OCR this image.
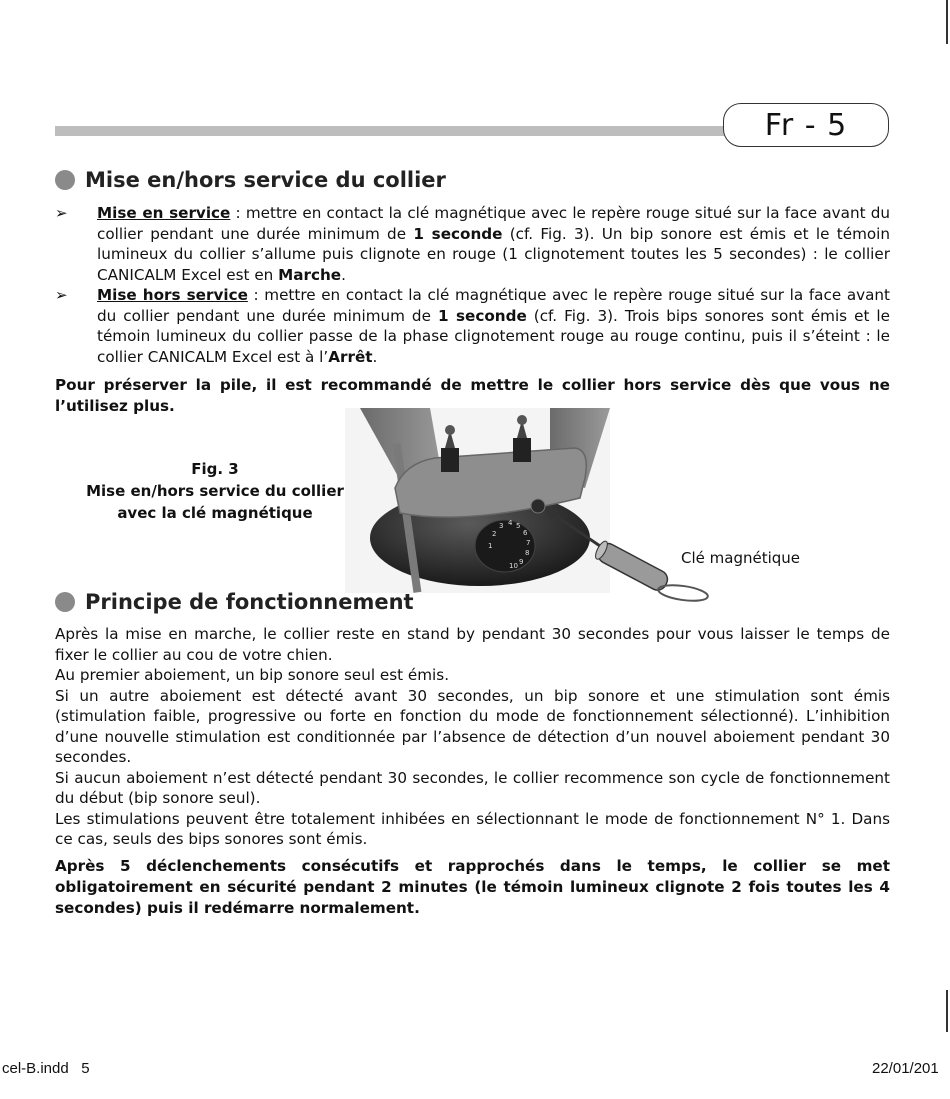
Fr - 5
Mise en/hors service du collier
➢ Mise en service : mettre en contact la clé magnétique avec le repère rouge situé sur la face avant du collier pendant une durée minimum de 1 seconde (cf. Fig. 3). Un bip sonore est émis et le témoin lumineux du collier s’allume puis clignote en rouge (1 clignotement toutes les 5 secondes) : le collier CANICALM Excel est en Marche.
➢ Mise hors service : mettre en contact la clé magnétique avec le repère rouge situé sur la face avant du collier pendant une durée minimum de 1 seconde (cf. Fig. 3). Trois bips sonores sont émis et le témoin lumineux du collier passe de la phase clignotement rouge au rouge continu, puis il s’éteint : le collier CANICALM Excel est à l’Arrêt.
Pour préserver la pile, il est recommandé de mettre le collier hors service dès que vous ne l’utilisez plus.
Fig. 3
Mise en/hors service du collier
avec la clé magnétique
1
2
3 4 5
6
7
8
9
10	Clé magnétique
Principe de fonctionnement
Après la mise en marche, le collier reste en stand by pendant 30 secondes pour vous laisser le temps de fixer le collier au cou de votre chien.
Au premier aboiement, un bip sonore seul est émis.
Si un autre aboiement est détecté avant 30 secondes, un bip sonore et une stimulation sont émis (stimulation faible, progressive ou forte en fonction du mode de fonctionnement sélectionné). L’inhibition d’une nouvelle stimulation est conditionnée par l’absence de détection d’un nouvel aboiement pendant 30 secondes.
Si aucun aboiement n’est détecté pendant 30 secondes, le collier recommence son cycle de fonctionnement du début (bip sonore seul).
Les stimulations peuvent être totalement inhibées en sélectionnant le mode de fonctionnement N° 1. Dans ce cas, seuls des bips sonores sont émis.
Après 5 déclenchements consécutifs et rapprochés dans le temps, le collier se met obligatoirement en sécurité pendant 2 minutes (le témoin lumineux clignote 2 fois toutes les 4 secondes) puis il redémarre normalement.
cel-B.indd   5	22/01/201
